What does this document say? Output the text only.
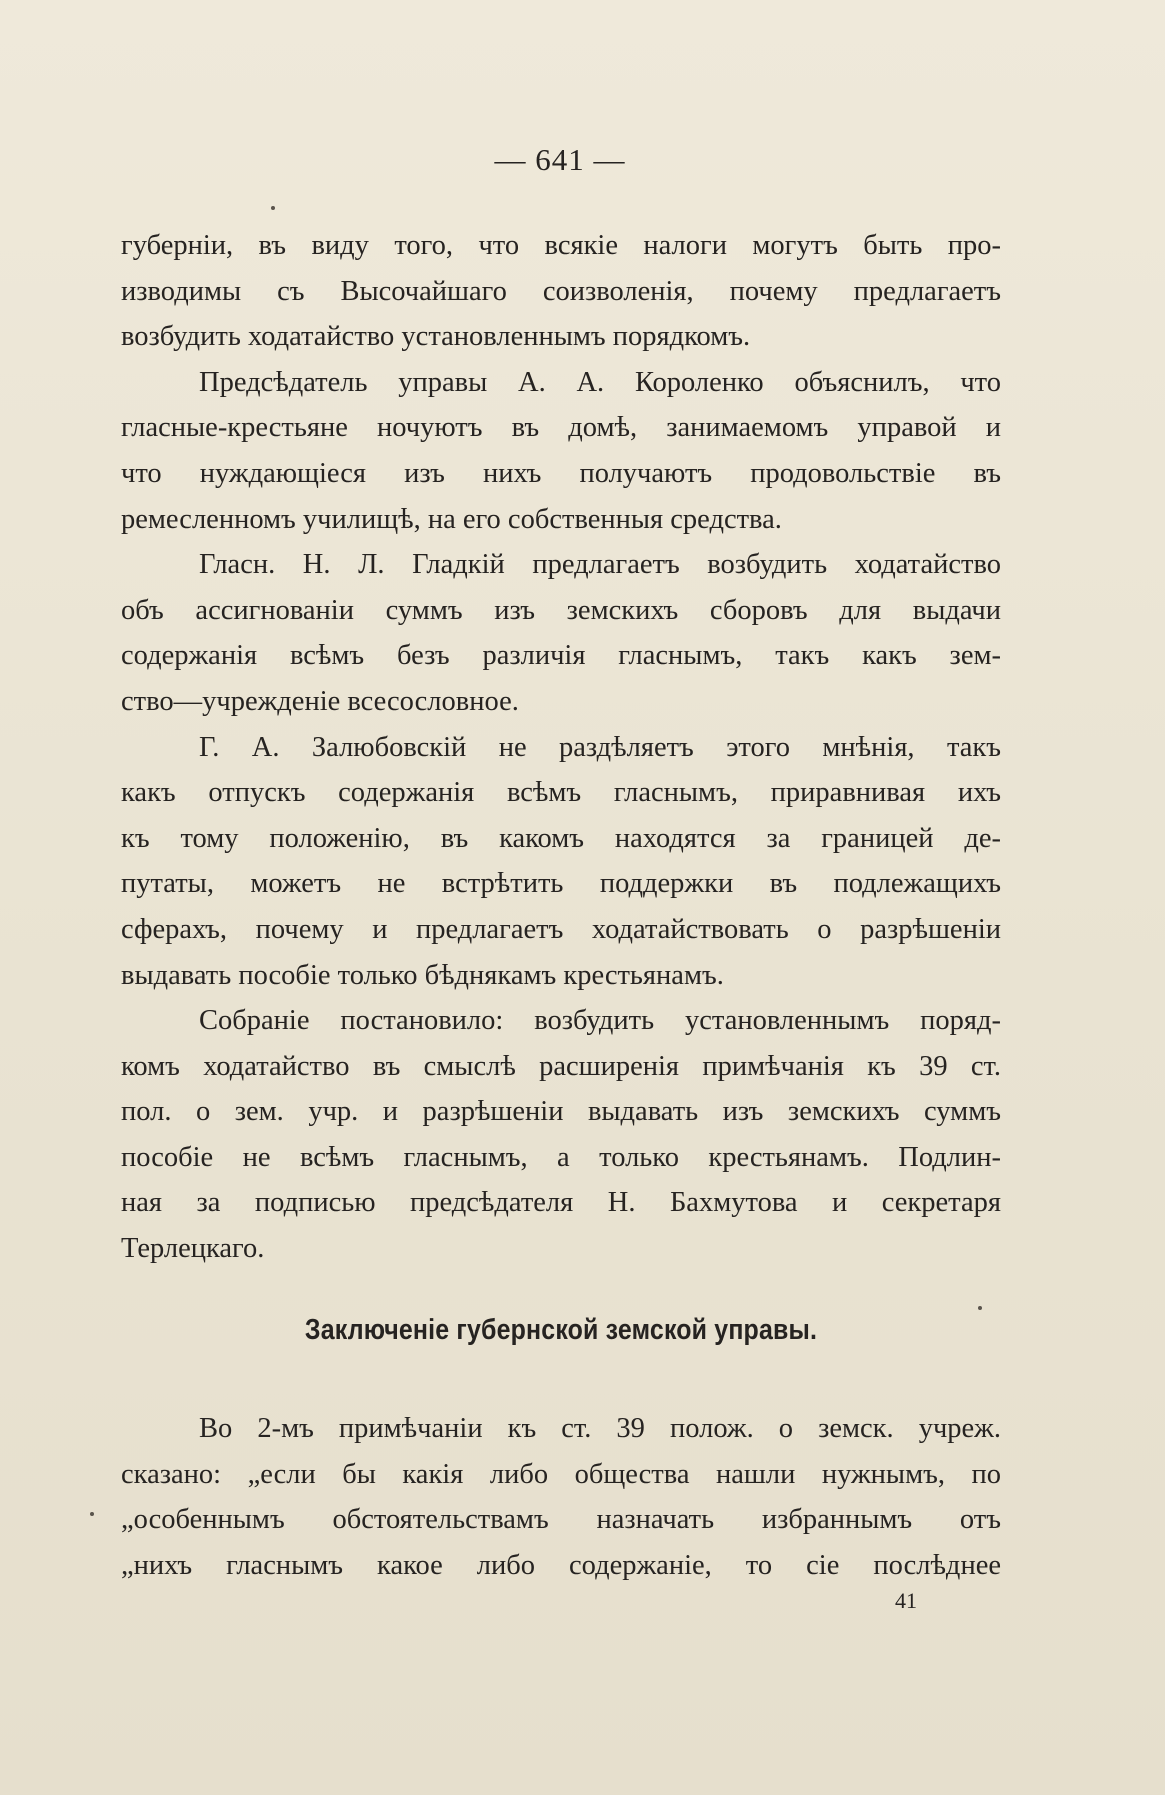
— 641 —
губерніи, въ виду того, что всякіе налоги могутъ быть про-
изводимы съ Высочайшаго соизволенія, почему предлагаетъ
возбудить ходатайство установленнымъ порядкомъ.
Предсѣдатель управы А. А. Короленко объяснилъ, что
гласные-крестьяне ночуютъ въ домѣ, занимаемомъ управой и
что нуждающіеся изъ нихъ получаютъ продовольствіе въ
ремесленномъ училищѣ, на его собственныя средства.
Гласн. Н. Л. Гладкій предлагаетъ возбудить ходатайство
объ ассигнованіи суммъ изъ земскихъ сборовъ для выдачи
содержанія всѣмъ безъ различія гласнымъ, такъ какъ зем-
ство—учрежденіе всесословное.
Г. А. Залюбовскій не раздѣляетъ этого мнѣнія, такъ
какъ отпускъ содержанія всѣмъ гласнымъ, приравнивая ихъ
къ тому положенію, въ какомъ находятся за границей де-
путаты, можетъ не встрѣтить поддержки въ подлежащихъ
сферахъ, почему и предлагаетъ ходатайствовать о разрѣшеніи
выдавать пособіе только бѣднякамъ крестьянамъ.
Собраніе постановило: возбудить установленнымъ поряд-
комъ ходатайство въ смыслѣ расширенія примѣчанія къ 39 ст.
пол. о зем. учр. и разрѣшеніи выдавать изъ земскихъ суммъ
пособіе не всѣмъ гласнымъ, а только крестьянамъ. Подлин-
ная за подписью предсѣдателя Н. Бахмутова и секретаря
Терлецкаго.
Заключеніе губернской земской управы.
Во 2-мъ примѣчаніи къ ст. 39 полож. о земск. учреж.
сказано: „если бы какія либо общества нашли нужнымъ, по
„особеннымъ обстоятельствамъ назначать избраннымъ отъ
„нихъ гласнымъ какое либо содержаніе, то сіе послѣднее
41
